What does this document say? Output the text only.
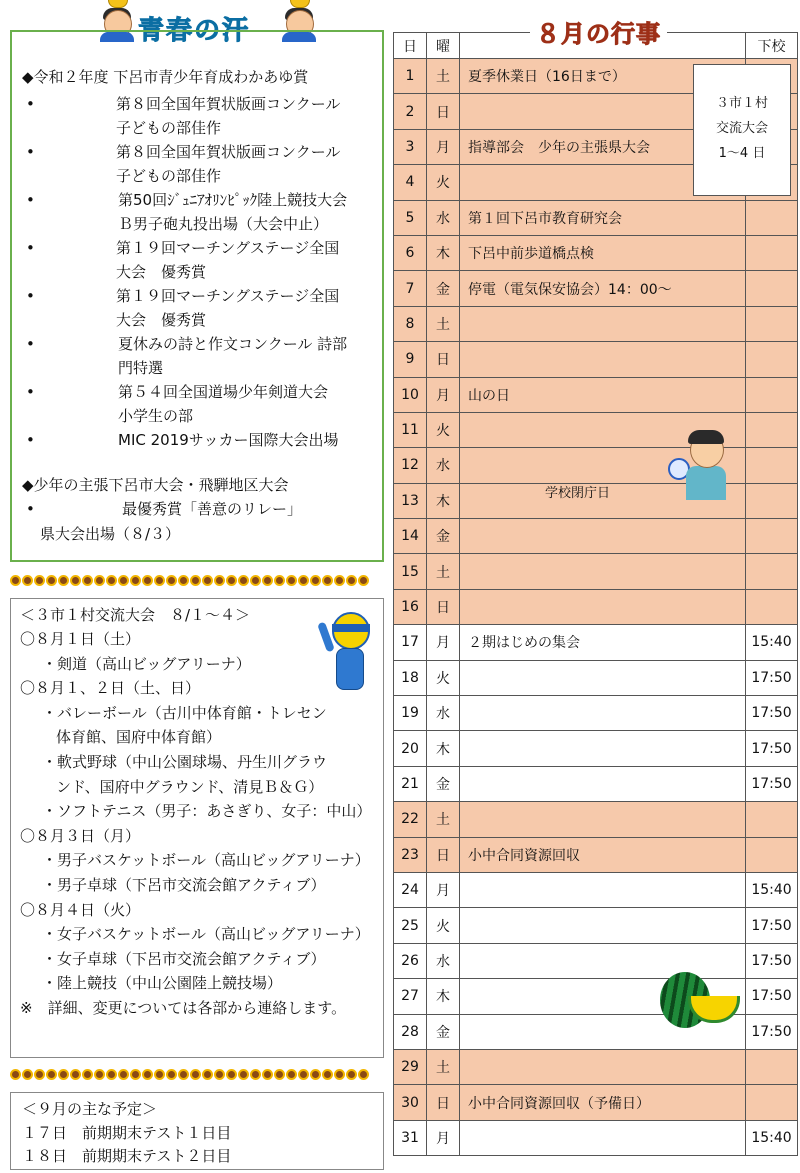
青春の汗
◆令和２年度 下呂市青少年育成わかあゆ賞
•	第８回全国年賀状版画コンクール
子どもの部佳作
•	第８回全国年賀状版画コンクール
子どもの部佳作
•	第50回ｼﾞｭﾆｱｵﾘﾝﾋﾟｯｸ陸上競技大会
Ｂ男子砲丸投出場（大会中止）
•	第１９回マーチングステージ全国
大会　優秀賞
•	第１９回マーチングステージ全国
大会　優秀賞
•	夏休みの詩と作文コンクール 詩部
門特選
•	第５４回全国道場少年剣道大会
小学生の部
•	MIC 2019サッカー国際大会出場
◆少年の主張下呂市大会・飛騨地区大会
•	最優秀賞「善意のリレー」
県大会出場（８/３）
＜３市１村交流大会　８/１～４＞
〇８月１日（土）
・剣道（高山ビッグアリーナ）
〇８月１、２日（土、日）
・バレーボール（古川中体育館・トレセン
体育館、国府中体育館）
・軟式野球（中山公園球場、丹生川グラウ
ンド、国府中グラウンド、清見Ｂ＆Ｇ）
・ソフトテニス（男子：あさぎり、女子：中山）
〇８月３日（月）
・男子バスケットボール（高山ビッグアリーナ）
・男子卓球（下呂市交流会館アクティブ）
〇８月４日（火）
・女子バスケットボール（高山ビッグアリーナ）
・女子卓球（下呂市交流会館アクティブ）
・陸上競技（中山公園陸上競技場）
※　詳細、変更については各部から連絡します。
＜９月の主な予定＞
１７日　前期期末テスト１日目
１８日　前期期末テスト２日目
日	曜		下校
1	土	夏季休業日（16日まで）	
2	日		
3	月	指導部会　少年の主張県大会	
4	火		
5	水	第１回下呂市教育研究会	
6	木	下呂中前歩道橋点検	
7	金	停電（電気保安協会）14：00～	
8	土		
9	日		
10	月	山の日	
11	火		
12	水		
13	木		
14	金		
15	土		
16	日		
17	月	２期はじめの集会	15:40
18	火		17:50
19	水		17:50
20	木		17:50
21	金		17:50
22	土		
23	日	小中合同資源回収	
24	月		15:40
25	火		17:50
26	水		17:50
27	木		17:50
28	金		17:50
29	土		
30	日	小中合同資源回収（予備日）	
31	月		15:40
８月の行事
３市１村
交流大会
1～4 日
学校閉庁日
